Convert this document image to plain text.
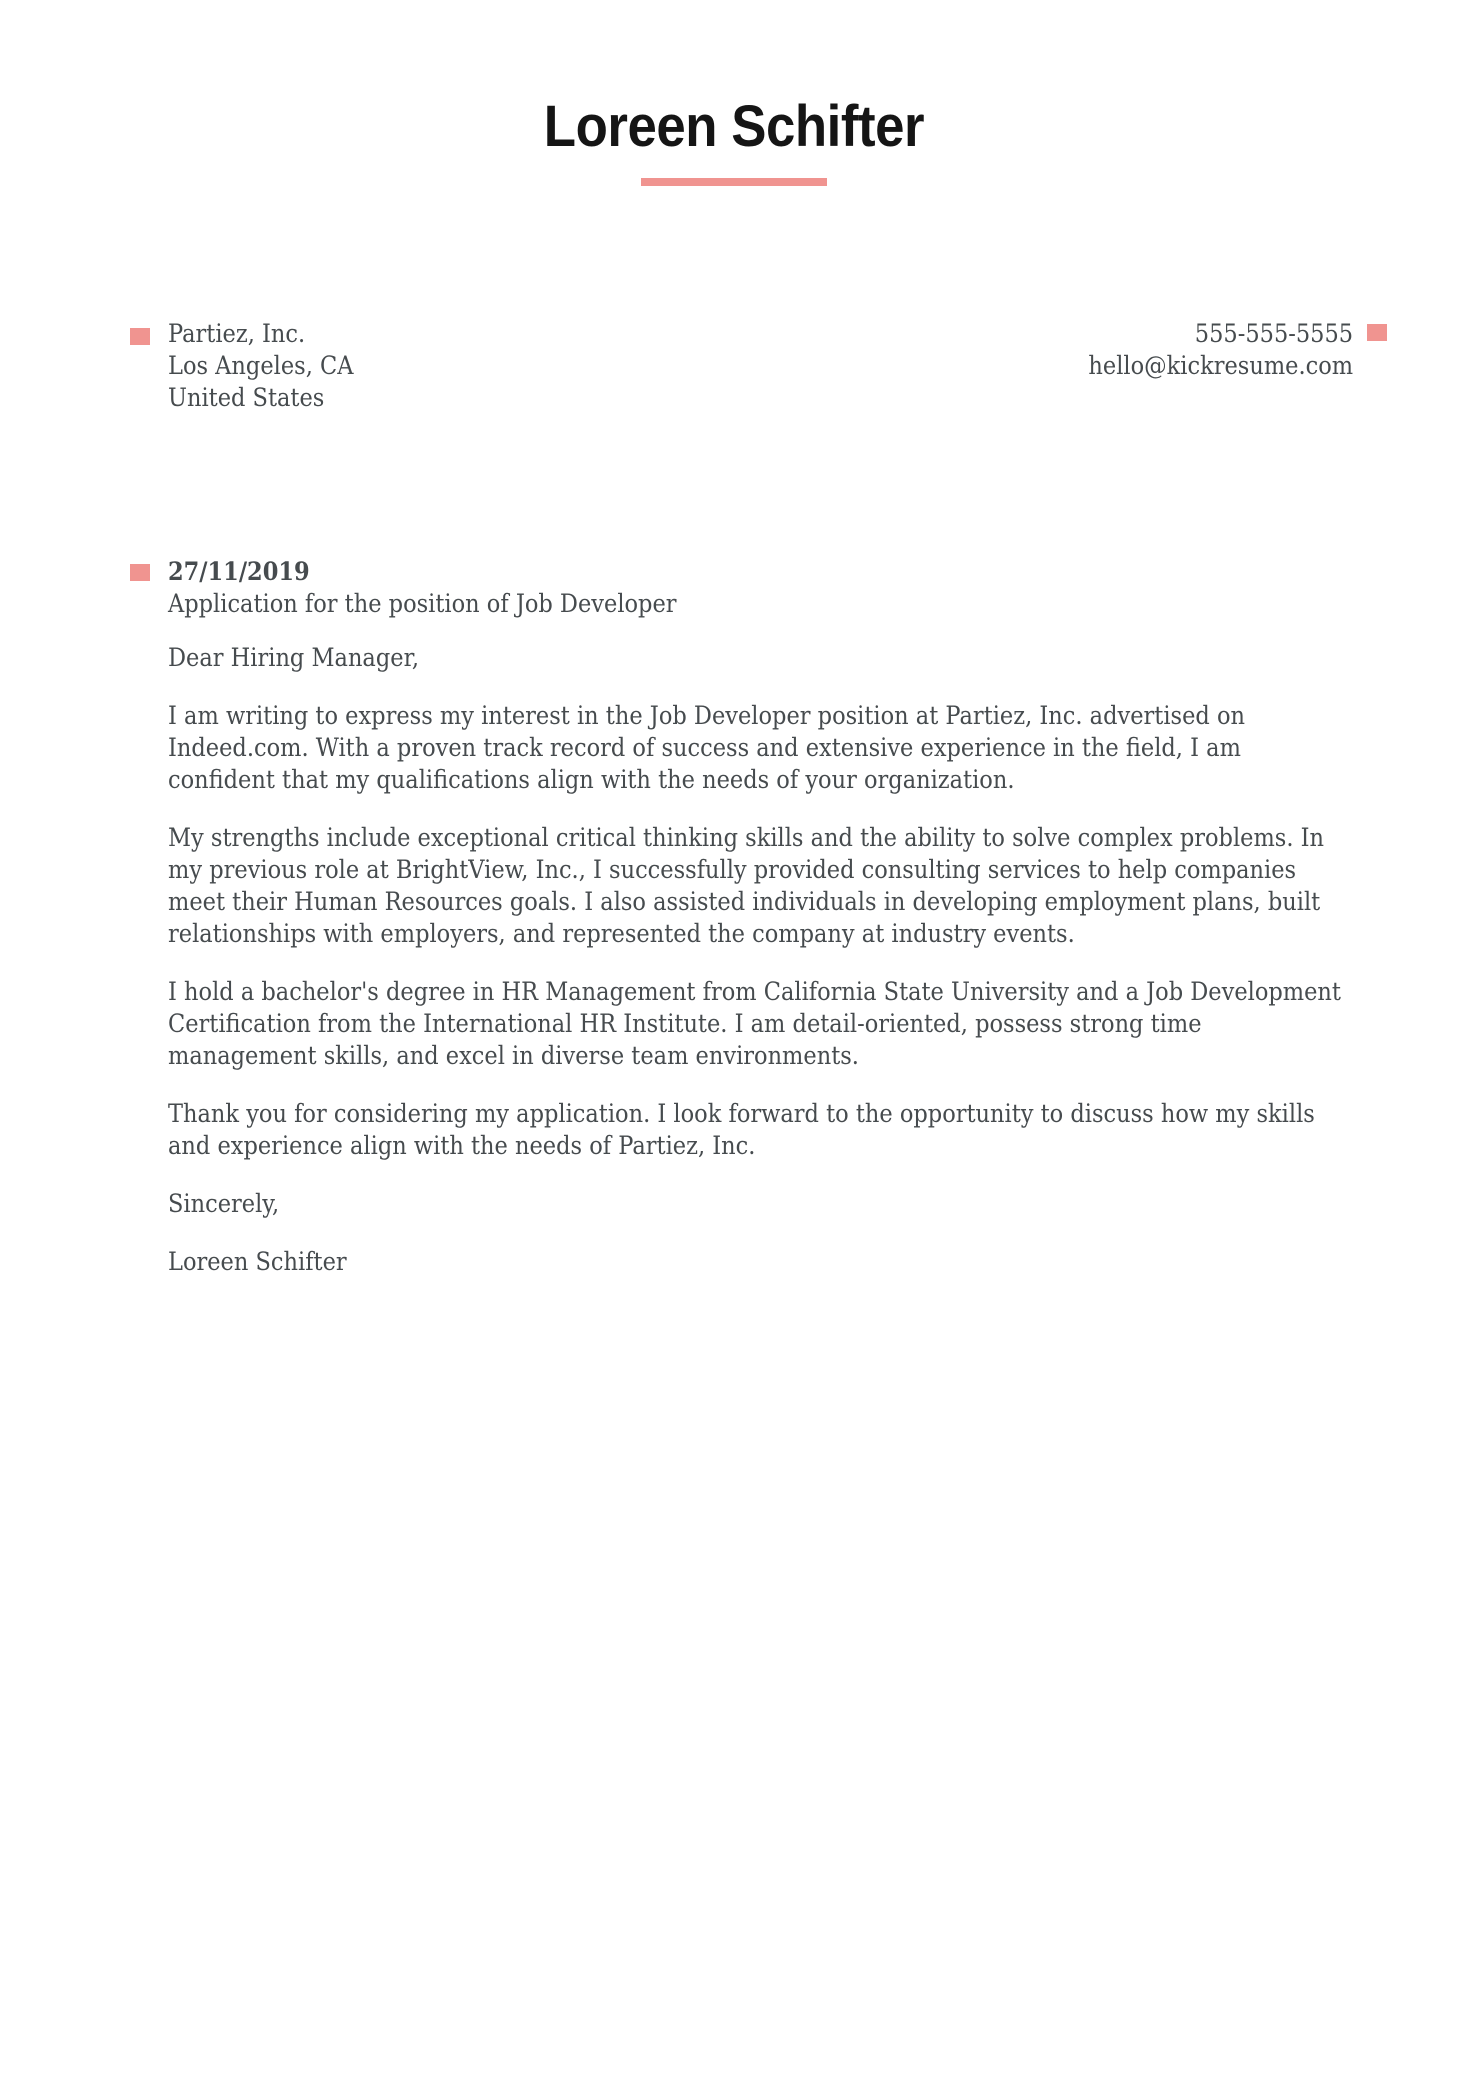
Loreen Schifter
Partiez, Inc.
Los Angeles, CA
United States
555-555-5555
hello@kickresume.com
27/11/2019
Application for the position of Job Developer

Dear Hiring Manager,

I am writing to express my interest in the Job Developer position at Partiez, Inc. advertised on Indeed.com. With a proven track record of success and extensive experience in the field, I am confident that my qualifications align with the needs of your organization.

My strengths include exceptional critical thinking skills and the ability to solve complex problems. In my previous role at BrightView, Inc., I successfully provided consulting services to help companies meet their Human Resources goals. I also assisted individuals in developing employment plans, built relationships with employers, and represented the company at industry events.

I hold a bachelor's degree in HR Management from California State University and a Job Development Certification from the International HR Institute. I am detail-oriented, possess strong time management skills, and excel in diverse team environments.

Thank you for considering my application. I look forward to the opportunity to discuss how my skills and experience align with the needs of Partiez, Inc.

Sincerely,

Loreen Schifter
